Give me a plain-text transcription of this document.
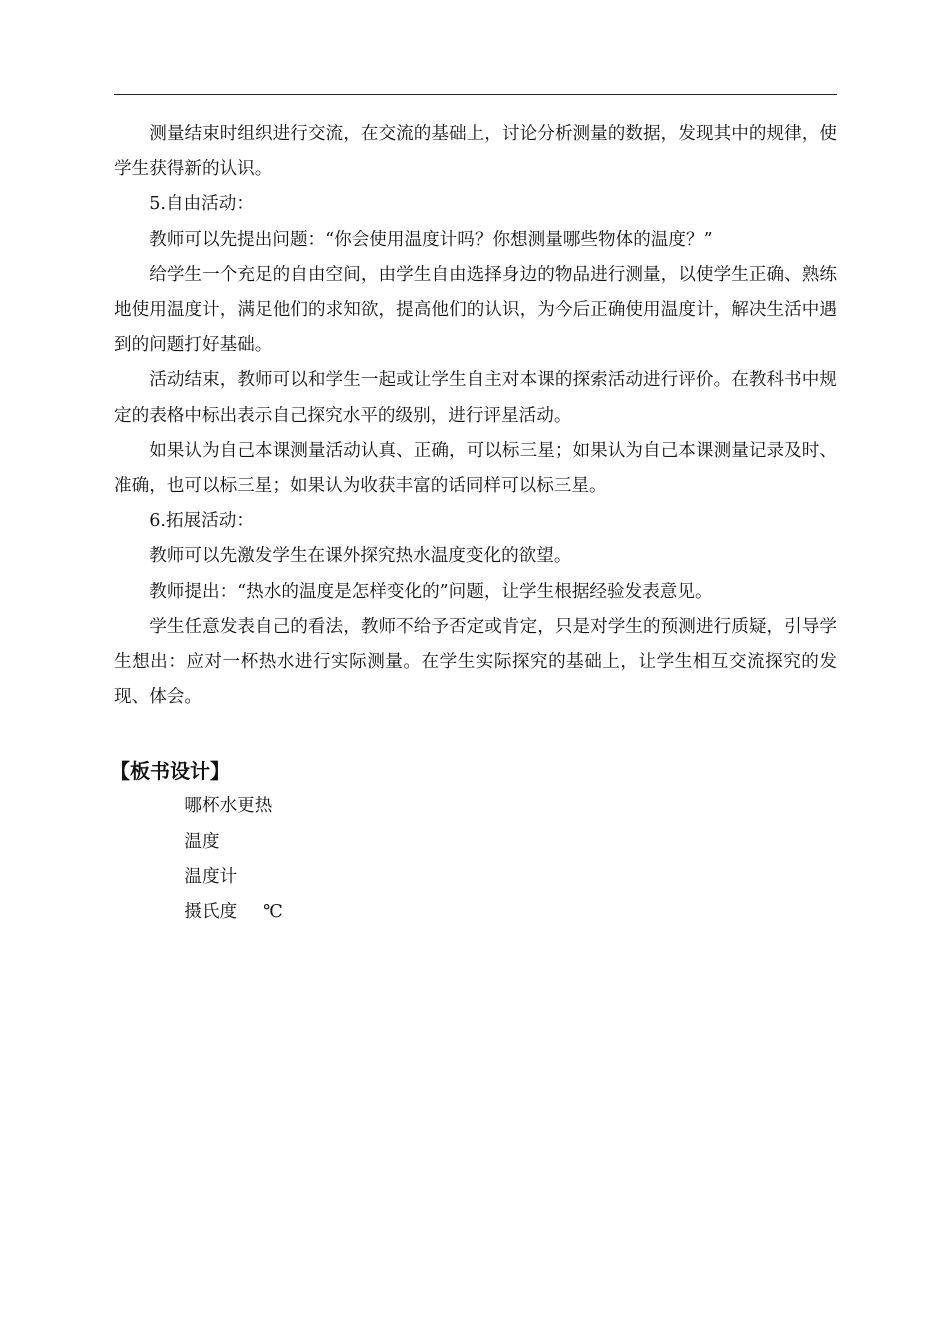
测量结束时组织进行交流，在交流的基础上，讨论分析测量的数据，发现其中的规律，使学生获得新的认识。

5.自由活动：

教师可以先提出问题：“你会使用温度计吗？你想测量哪些物体的温度？”

给学生一个充足的自由空间，由学生自由选择身边的物品进行测量，以使学生正确、熟练地使用温度计，满足他们的求知欲，提高他们的认识，为今后正确使用温度计，解决生活中遇到的问题打好基础。

活动结束，教师可以和学生一起或让学生自主对本课的探索活动进行评价。在教科书中规定的表格中标出表示自己探究水平的级别，进行评星活动。

如果认为自己本课测量活动认真、正确，可以标三星；如果认为自己本课测量记录及时、准确，也可以标三星；如果认为收获丰富的话同样可以标三星。

6.拓展活动：

教师可以先激发学生在课外探究热水温度变化的欲望。

教师提出：“热水的温度是怎样变化的”问题，让学生根据经验发表意见。

学生任意发表自己的看法，教师不给予否定或肯定，只是对学生的预测进行质疑，引导学生想出：应对一杯热水进行实际测量。在学生实际探究的基础上，让学生相互交流探究的发现、体会。

【板书设计】

哪杯水更热

温度

温度计

摄氏度 ℃
